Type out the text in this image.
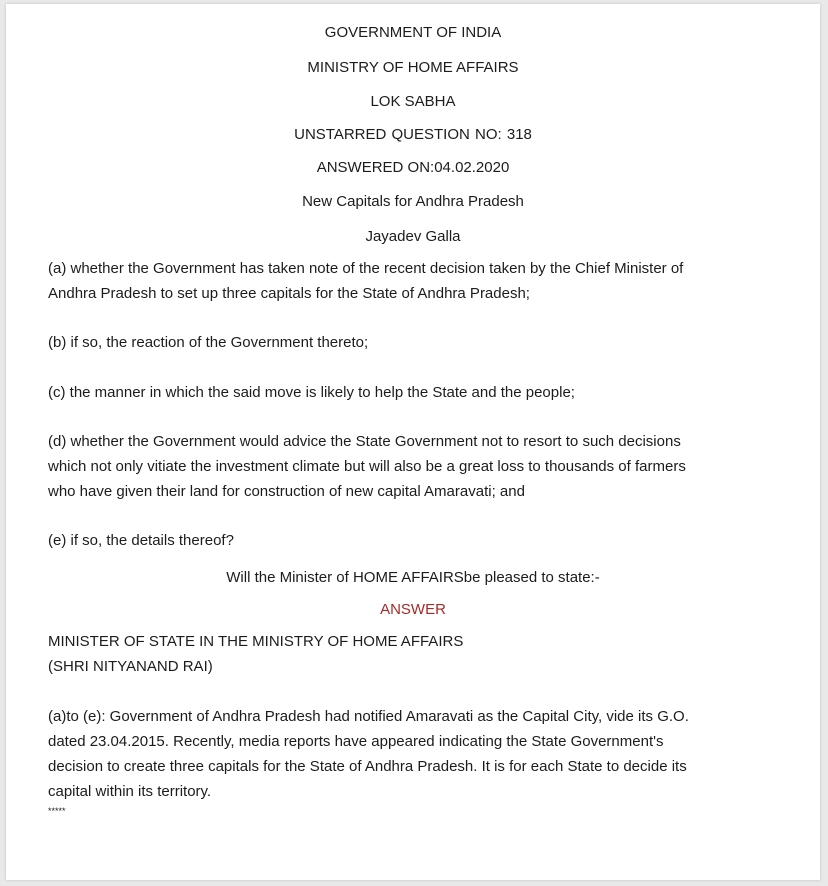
GOVERNMENT OF INDIA
MINISTRY OF HOME AFFAIRS
LOK SABHA
UNSTARRED QUESTION NO: 318
ANSWERED ON:04.02.2020
New Capitals for Andhra Pradesh
Jayadev Galla
(a) whether the Government has taken note of the recent decision taken by the Chief Minister of
Andhra Pradesh to set up three capitals for the State of Andhra Pradesh;
(b) if so, the reaction of the Government thereto;
(c) the manner in which the said move is likely to help the State and the people;
(d) whether the Government would advice the State Government not to resort to such decisions
which not only vitiate the investment climate but will also be a great loss to thousands of farmers
who have given their land for construction of new capital Amaravati; and
(e) if so, the details thereof?
Will the Minister of HOME AFFAIRSbe pleased to state:-
ANSWER
MINISTER OF STATE IN THE MINISTRY OF HOME AFFAIRS
(SHRI NITYANAND RAI)
(a)to (e): Government of Andhra Pradesh had notified Amaravati as the Capital City, vide its G.O.
dated 23.04.2015. Recently, media reports have appeared indicating the State Government's
decision to create three capitals for the State of Andhra Pradesh. It is for each State to decide its
capital within its territory.
*****
